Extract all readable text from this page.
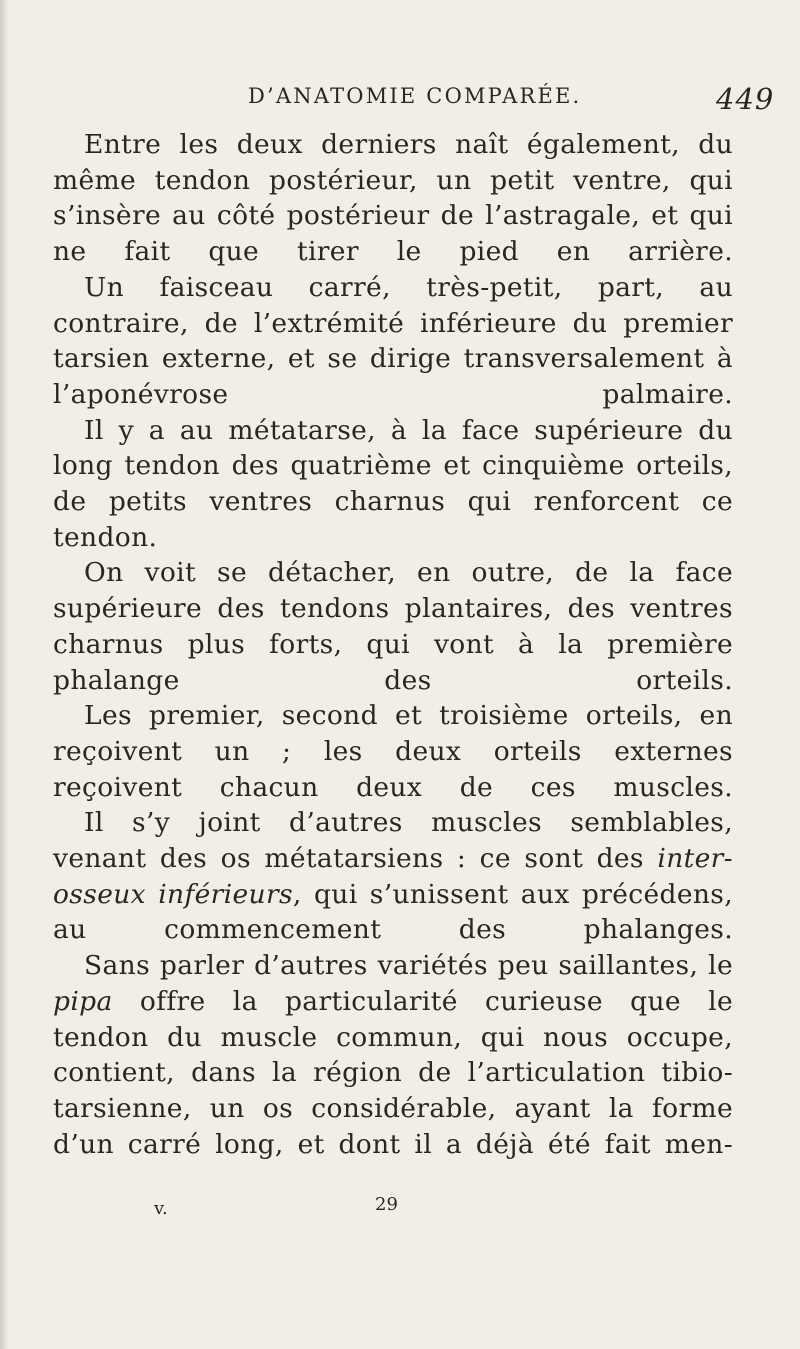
D’ANATOMIE COMPARÉE.	449

Entre les deux derniers naît également, du même tendon postérieur, un petit ventre, qui s’insère au côté postérieur de l’astragale, et qui ne fait que tirer le pied en arrière.

Un faisceau carré, très-petit, part, au contraire, de l’extrémité inférieure du premier tarsien externe, et se dirige transversalement à l’aponévrose palmaire.

Il y a au métatarse, à la face supérieure du long tendon des quatrième et cinquième orteils, de petits ventres charnus qui renforcent ce tendon.

On voit se détacher, en outre, de la face supérieure des tendons plantaires, des ventres charnus plus forts, qui vont à la première phalange des orteils.

Les premier, second et troisième orteils, en reçoivent un ; les deux orteils externes reçoivent chacun deux de ces muscles.

Il s’y joint d’autres muscles semblables, venant des os métatarsiens : ce sont des inter-osseux inférieurs, qui s’unissent aux précédens, au commencement des phalanges.

Sans parler d’autres variétés peu saillantes, le pipa offre la particularité curieuse que le tendon du muscle commun, qui nous occupe, contient, dans la région de l’articulation tibio-tarsienne, un os considérable, ayant la forme d’un carré long, et dont il a déjà été fait men-

v.	29
